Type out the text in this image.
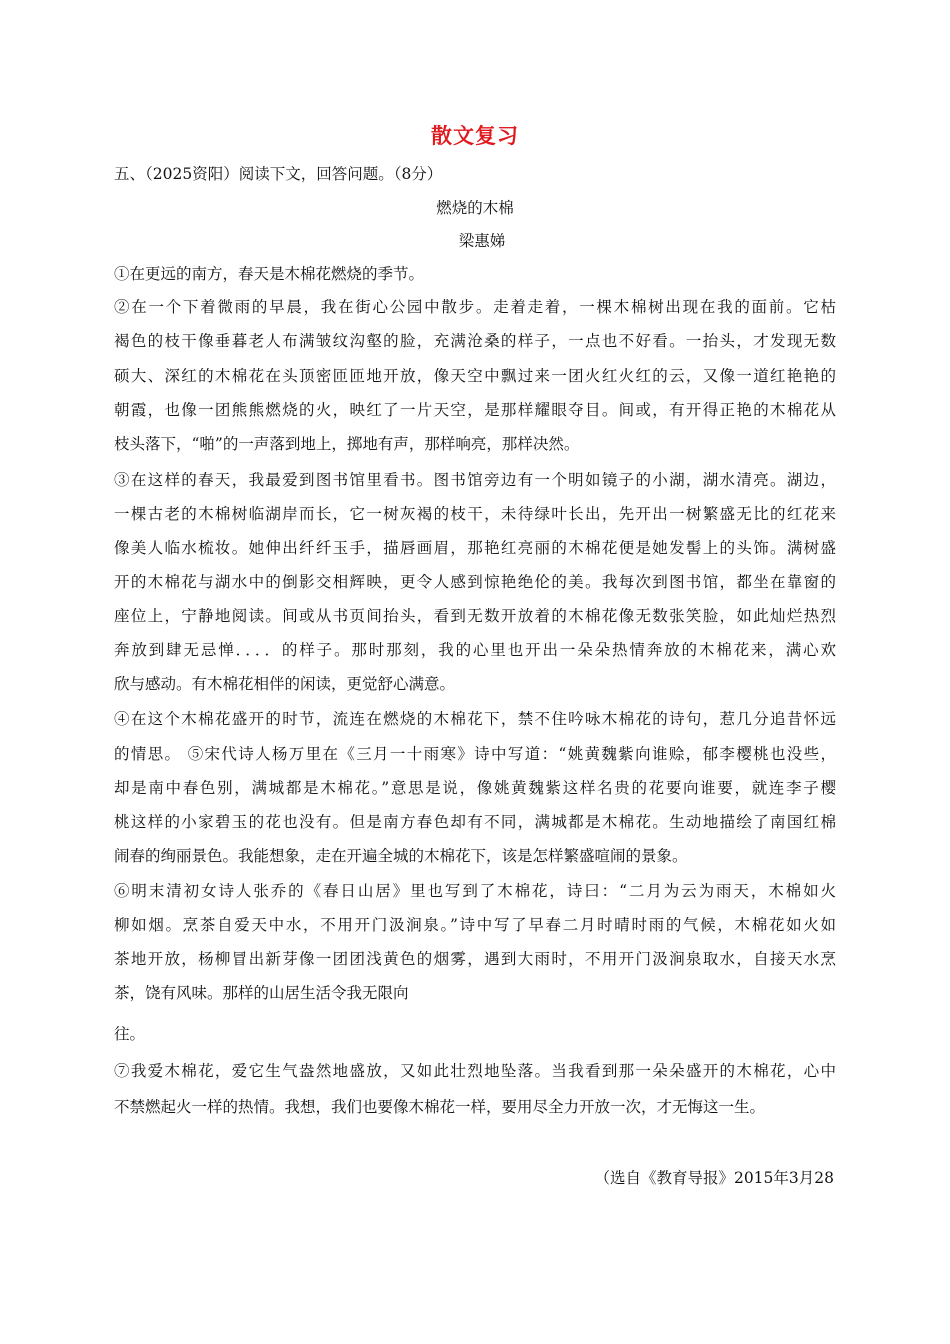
散文复习
五、（2025资阳）阅读下文，回答问题。（8分）
燃烧的木棉
梁惠娣
①在更远的南方，春天是木棉花燃烧的季节。
②在一个下着微雨的早晨，我在街心公园中散步。走着走着，一棵木棉树出现在我的面前。它枯
褐色的枝干像垂暮老人布满皱纹沟壑的脸，充满沧桑的样子，一点也不好看。一抬头，才发现无数
硕大、深红的木棉花在头顶密匝匝地开放，像天空中飘过来一团火红火红的云，又像一道红艳艳的
朝霞，也像一团熊熊燃烧的火，映红了一片天空，是那样耀眼夺目。间或，有开得正艳的木棉花从
枝头落下，“啪”的一声落到地上，掷地有声，那样响亮，那样决然。
③在这样的春天，我最爱到图书馆里看书。图书馆旁边有一个明如镜子的小湖，湖水清亮。湖边，
一棵古老的木棉树临湖岸而长，它一树灰褐的枝干，未待绿叶长出，先开出一树繁盛无比的红花来
像美人临水梳妆。她伸出纤纤玉手，描唇画眉，那艳红亮丽的木棉花便是她发髻上的头饰。满树盛
开的木棉花与湖水中的倒影交相辉映，更令人感到惊艳绝伦的美。我每次到图书馆，都坐在靠窗的
座位上，宁静地阅读。间或从书页间抬头，看到无数开放着的木棉花像无数张笑脸，如此灿烂热烈
奔放到肆无忌惮．．．．的样子。那时那刻，我的心里也开出一朵朵热情奔放的木棉花来，满心欢
欣与感动。有木棉花相伴的闲读，更觉舒心满意。
④在这个木棉花盛开的时节，流连在燃烧的木棉花下，禁不住吟咏木棉花的诗句，惹几分追昔怀远
的情思。 ⑤宋代诗人杨万里在《三月一十雨寒》诗中写道：“姚黄魏紫向谁赊，郁李樱桃也没些，
却是南中春色别，满城都是木棉花。”意思是说，像姚黄魏紫这样名贵的花要向谁要，就连李子樱
桃这样的小家碧玉的花也没有。但是南方春色却有不同，满城都是木棉花。生动地描绘了南国红棉
闹春的绚丽景色。我能想象，走在开遍全城的木棉花下，该是怎样繁盛喧闹的景象。
⑥明末清初女诗人张乔的《春日山居》里也写到了木棉花，诗曰：“二月为云为雨天，木棉如火
柳如烟。烹茶自爱天中水，不用开门汲涧泉。”诗中写了早春二月时晴时雨的气候，木棉花如火如
茶地开放，杨柳冒出新芽像一团团浅黄色的烟雾，遇到大雨时，不用开门汲涧泉取水，自接天水烹
茶，饶有风味。那样的山居生活令我无限向
往。
⑦我爱木棉花，爱它生气盎然地盛放，又如此壮烈地坠落。当我看到那一朵朵盛开的木棉花，心中
不禁燃起火一样的热情。我想，我们也要像木棉花一样，要用尽全力开放一次，才无悔这一生。
（选自《教育导报》2015年3月28
